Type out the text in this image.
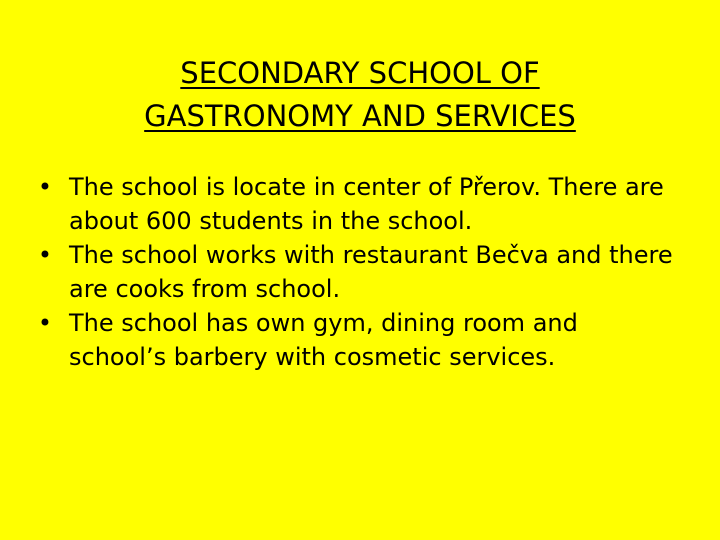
SECONDARY SCHOOL OF
GASTRONOMY AND SERVICES
• The school is locate in center of Přerov. There are about 600 students in the school.
• The school works with restaurant Bečva and there are cooks from school.
• The school has own gym, dining room and school’s barbery with cosmetic services.
